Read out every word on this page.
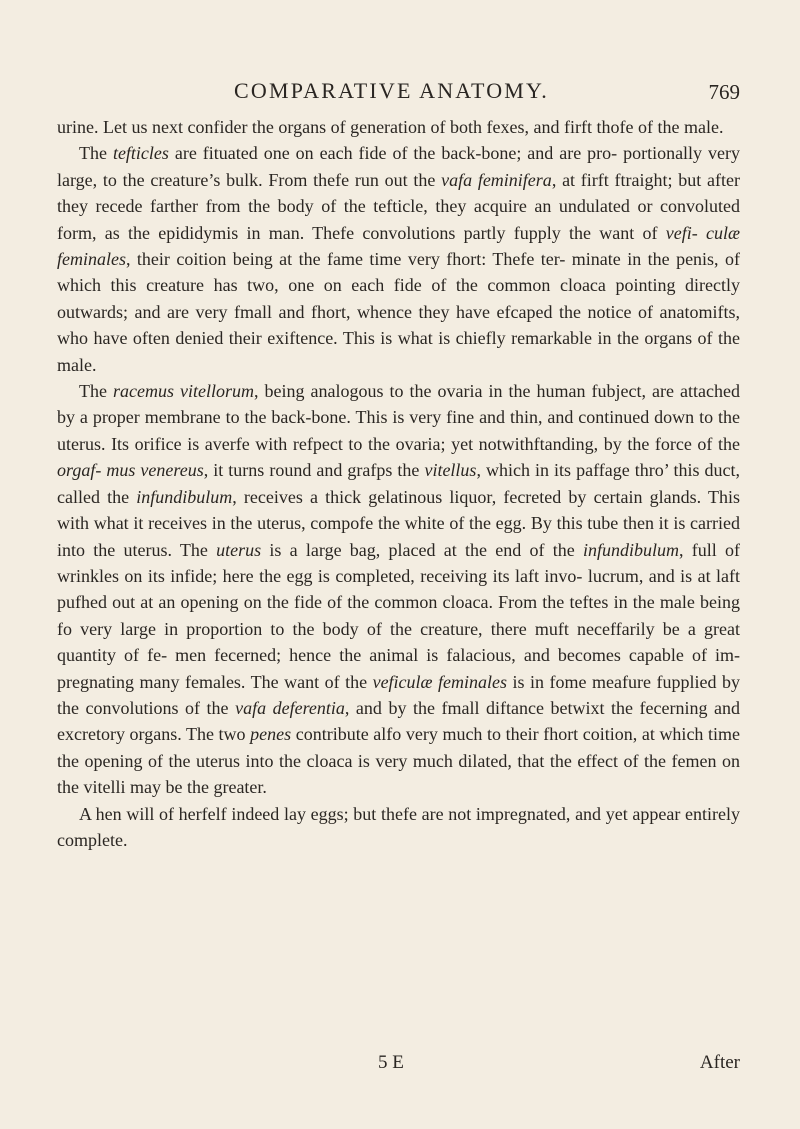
COMPARATIVE ANATOMY.	769

urine. Let us next confider the organs of generation of both fexes, and firft thofe of the male.

The tefticles are fituated one on each fide of the back-bone; and are pro- portionally very large, to the creature’s bulk. From thefe run out the vafa feminifera, at firft ftraight; but after they recede farther from the body of the tefticle, they acquire an undulated or convoluted form, as the epididymis in man. Thefe convolutions partly fupply the want of vefi- culæ feminales, their coition being at the fame time very fhort: Thefe ter- minate in the penis, of which this creature has two, one on each fide of the common cloaca pointing directly outwards; and are very fmall and fhort, whence they have efcaped the notice of anatomifts, who have often denied their exiftence. This is what is chiefly remarkable in the organs of the male.

The racemus vitellorum, being analogous to the ovaria in the human fubject, are attached by a proper membrane to the back-bone. This is very fine and thin, and continued down to the uterus. Its orifice is averfe with refpect to the ovaria; yet notwithftanding, by the force of the orgaf- mus venereus, it turns round and grafps the vitellus, which in its paffage thro’ this duct, called the infundibulum, receives a thick gelatinous liquor, fecreted by certain glands. This with what it receives in the uterus, compofe the white of the egg. By this tube then it is carried into the uterus. The uterus is a large bag, placed at the end of the infundibulum, full of wrinkles on its infide; here the egg is completed, receiving its laft invo- lucrum, and is at laft pufhed out at an opening on the fide of the common cloaca. From the teftes in the male being fo very large in proportion to the body of the creature, there muft neceffarily be a great quantity of fe- men fecerned; hence the animal is falacious, and becomes capable of im- pregnating many females. The want of the veficulæ feminales is in fome meafure fupplied by the convolutions of the vafa deferentia, and by the fmall diftance betwixt the fecerning and excretory organs. The two penes contribute alfo very much to their fhort coition, at which time the opening of the uterus into the cloaca is very much dilated, that the effect of the femen on the vitelli may be the greater.

A hen will of herfelf indeed lay eggs; but thefe are not impregnated, and yet appear entirely complete.

5 E	After
